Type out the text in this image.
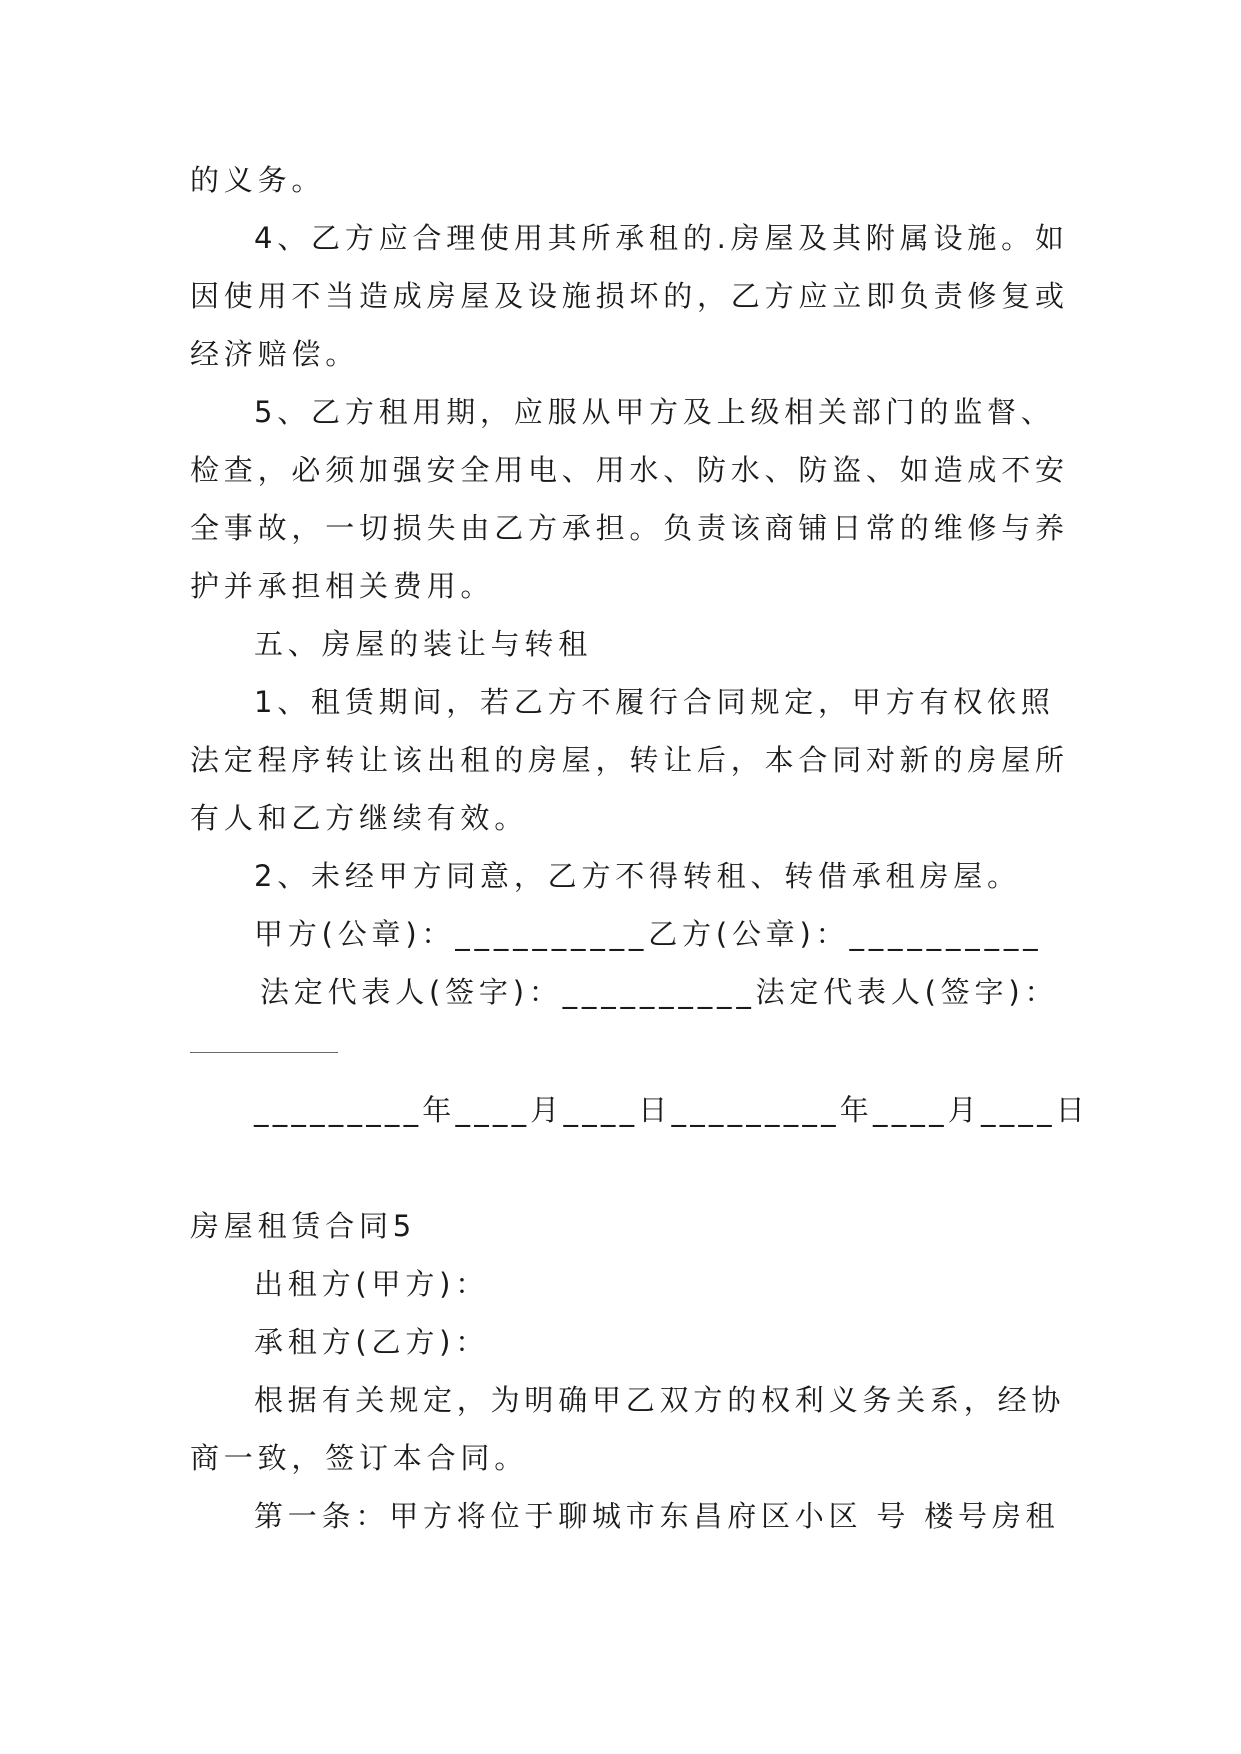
的义务。
4、乙方应合理使用其所承租的.房屋及其附属设施。如
因使用不当造成房屋及设施损坏的，乙方应立即负责修复或
经济赔偿。
5、乙方租用期，应服从甲方及上级相关部门的监督、
检查，必须加强安全用电、用水、防水、防盗、如造成不安
全事故，一切损失由乙方承担。负责该商铺日常的维修与养
护并承担相关费用。
五、房屋的装让与转租
1、租赁期间，若乙方不履行合同规定，甲方有权依照
法定程序转让该出租的房屋，转让后，本合同对新的房屋所
有人和乙方继续有效。
2、未经甲方同意，乙方不得转租、转借承租房屋。
甲方(公章)：__________乙方(公章)：__________
法定代表人(签字)：__________法定代表人(签字)：
_________年____月____日_________年____月____日
房屋租赁合同5
出租方(甲方)：
承租方(乙方)：
根据有关规定，为明确甲乙双方的权利义务关系，经协
商一致，签订本合同。
第一条：甲方将位于聊城市东昌府区小区 号 楼号房租
